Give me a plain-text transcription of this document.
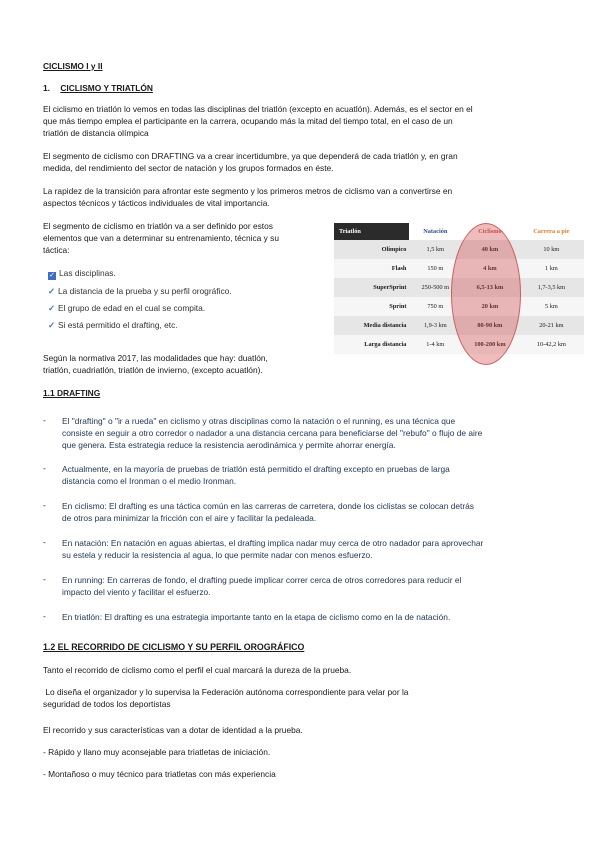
CICLISMO I y II
1. CICLISMO Y TRIATLÓN
El ciclismo en triatlón lo vemos en todas las disciplinas del triatlón (excepto en acuatlón). Además, es el sector en el
que más tiempo emplea el participante en la carrera, ocupando más la mitad del tiempo total, en el caso de un
triatlón de distancia olímpica
El segmento de ciclismo con DRAFTING va a crear incertidumbre, ya que dependerá de cada triatlón y, en gran
medida, del rendimiento del sector de natación y los grupos formados en éste.
La rapidez de la transición para afrontar este segmento y los primeros metros de ciclismo van a convertirse en
aspectos técnicos y tácticos individuales de vital importancia.
El segmento de ciclismo en triatlón va a ser definido por estos
elementos que van a determinar su entrenamiento, técnica y su
táctica:
✓ Las disciplinas.
✓ La distancia de la prueba y su perfil orográfico.
✓ El grupo de edad en el cual se compita.
✓ Si está permitido el drafting, etc.
Según la normativa 2017, las modalidades que hay: duatlón,
triatlón, cuadriatlón, triatlón de invierno, (excepto acuatlón).
Triatlón	Natación	Ciclismo	Carrera a pie
Olímpico	1,5 km	40 km	10 km
Flash	150 m	4 km	1 km
SuperSprint	250-500 m	6,5-13 km	1,7-3,5 km
Sprint	750 m	20 km	5 km
Media distancia	1,9-3 km	80-90 km	20-21 km
Larga distancia	1-4 km	100-200 km	10-42,2 km
1.1 DRAFTING
- El "drafting" o "ir a rueda" en ciclismo y otras disciplinas como la natación o el running, es una técnica que
consiste en seguir a otro corredor o nadador a una distancia cercana para beneficiarse del "rebufo" o flujo de aire
que genera. Esta estrategia reduce la resistencia aerodinámica y permite ahorrar energía.
- Actualmente, en la mayoría de pruebas de triatlón está permitido el drafting excepto en pruebas de larga
distancia como el Ironman o el medio Ironman.
- En ciclismo: El drafting es una táctica común en las carreras de carretera, donde los ciclistas se colocan detrás
de otros para minimizar la fricción con el aire y facilitar la pedaleada.
- En natación: En natación en aguas abiertas, el drafting implica nadar muy cerca de otro nadador para aprovechar
su estela y reducir la resistencia al agua, lo que permite nadar con menos esfuerzo.
- En running: En carreras de fondo, el drafting puede implicar correr cerca de otros corredores para reducir el
impacto del viento y facilitar el esfuerzo.
- En triatlón: El drafting es una estrategia importante tanto en la etapa de ciclismo como en la de natación.
1.2 EL RECORRIDO DE CICLISMO Y SU PERFIL OROGRÁFICO
Tanto el recorrido de ciclismo como el perfil el cual marcará la dureza de la prueba.
Lo diseña el organizador y lo supervisa la Federación autónoma correspondiente para velar por la
seguridad de todos los deportistas
El recorrido y sus características van a dotar de identidad a la prueba.
- Rápido y llano muy aconsejable para triatletas de iniciación.
- Montañoso o muy técnico para triatletas con más experiencia
